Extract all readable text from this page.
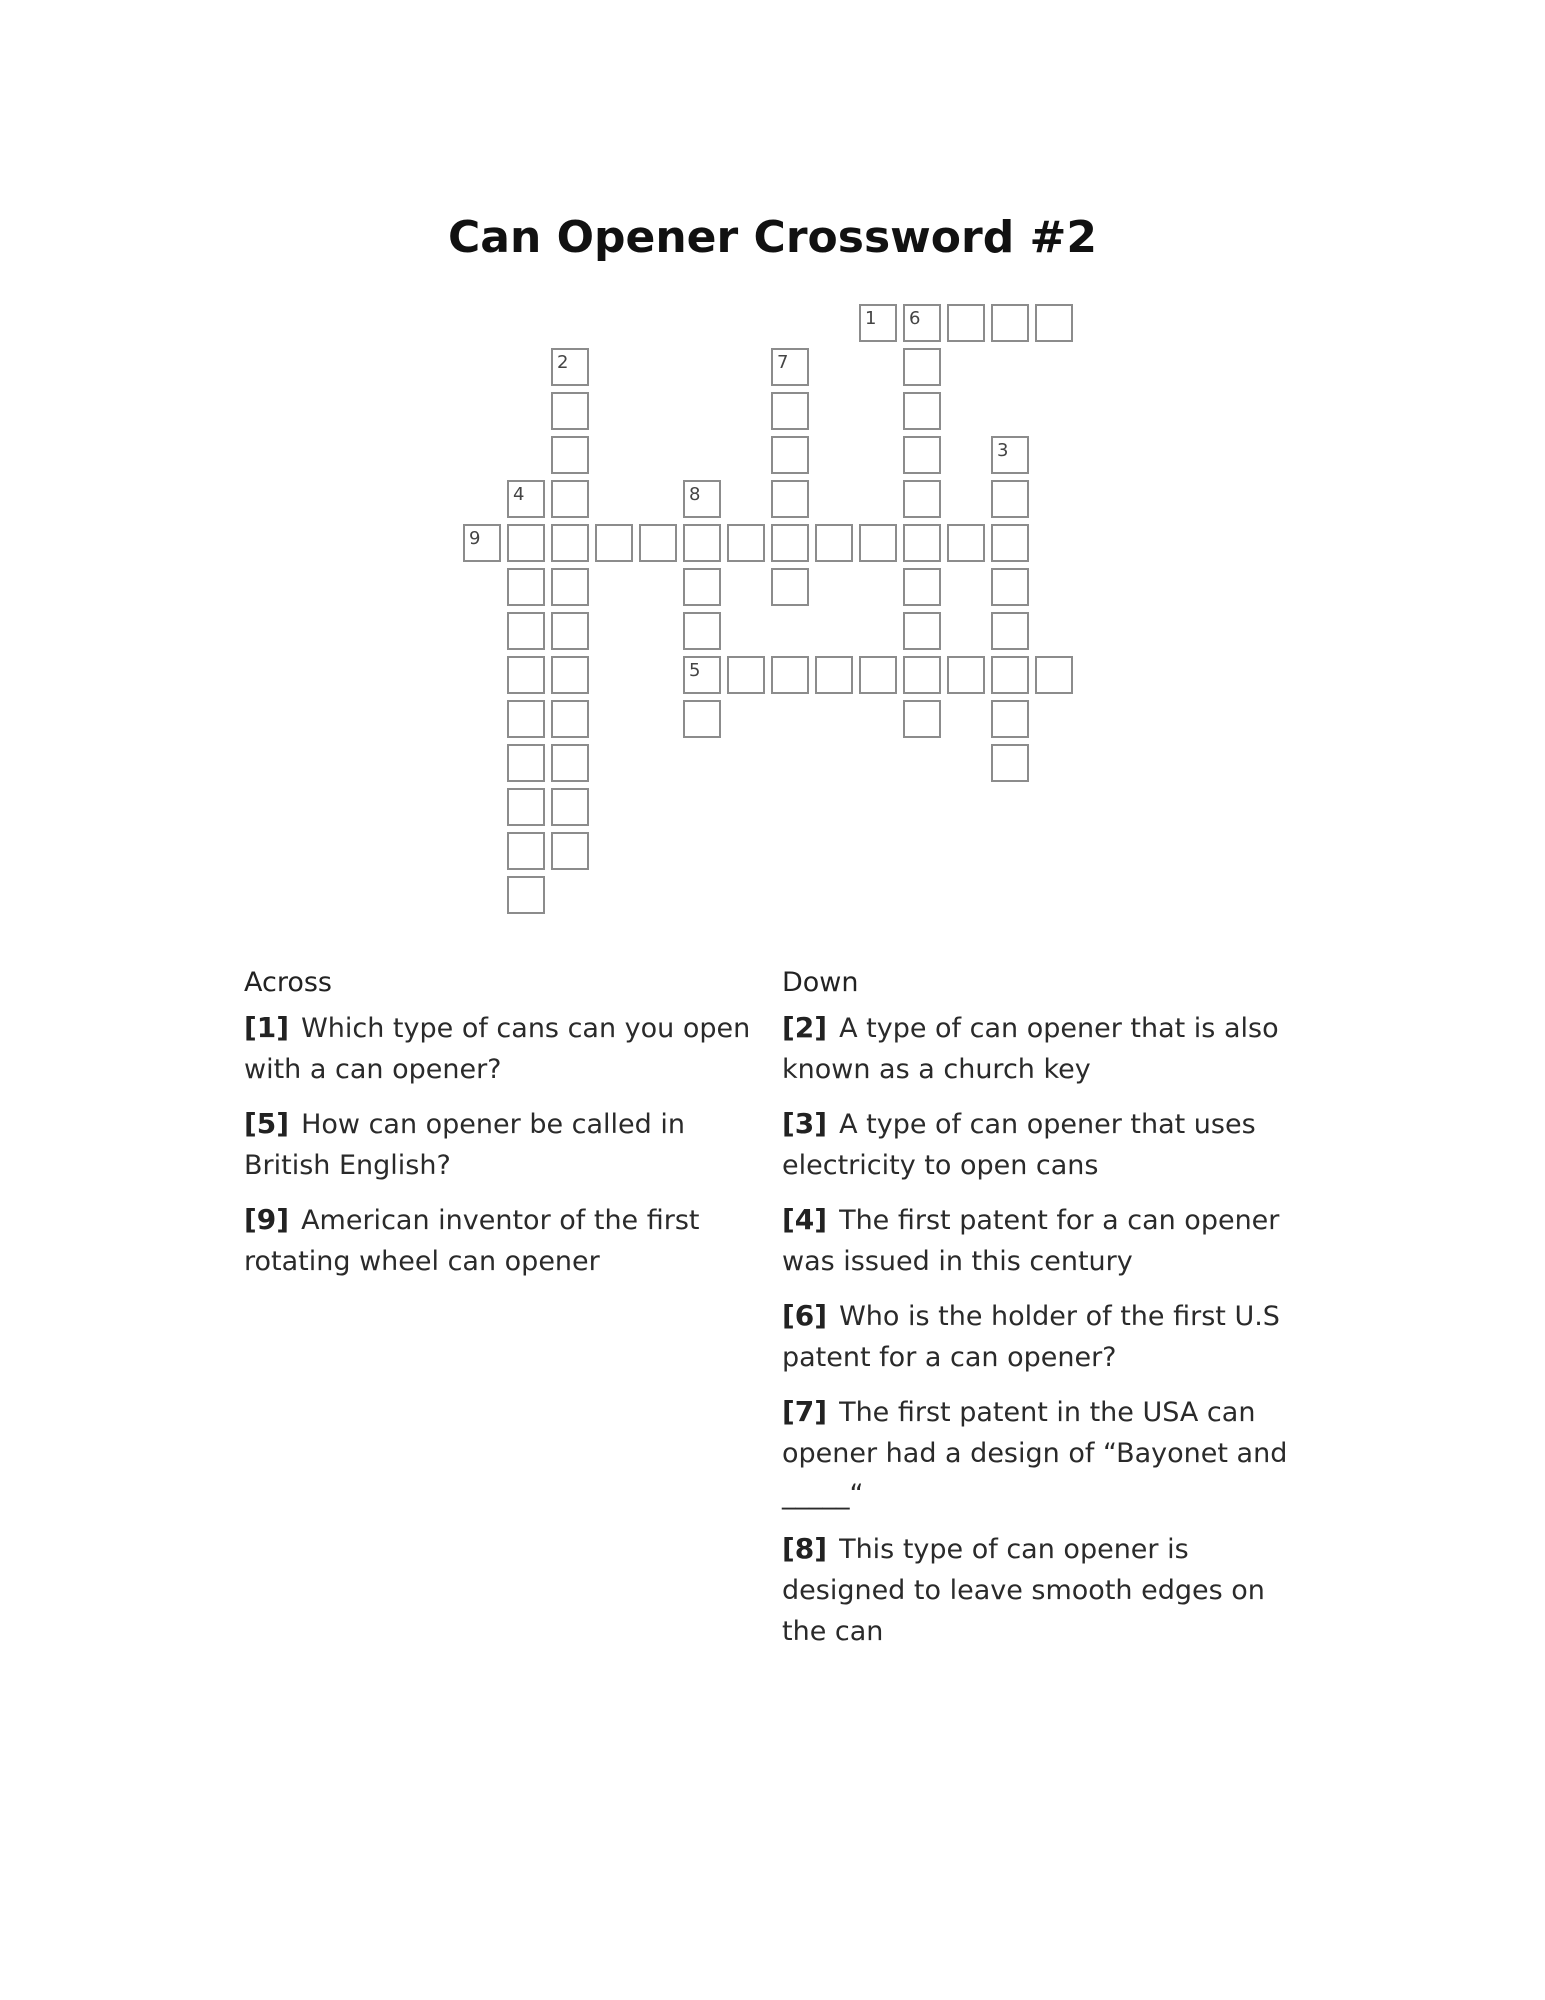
Can Opener Crossword #2
1 6
2
3
4
5
7
8
9
Across
[1] Which type of cans can you open with a can opener?
[5] How can opener be called in British English?
[9] American inventor of the first rotating wheel can opener
Down
[2] A type of can opener that is also known as a church key
[3] A type of can opener that uses electricity to open cans
[4] The first patent for a can opener was issued in this century
[6] Who is the holder of the first U.S patent for a can opener?
[7] The first patent in the USA can opener had a design of “Bayonet and _____“
[8] This type of can opener is designed to leave smooth edges on the can
